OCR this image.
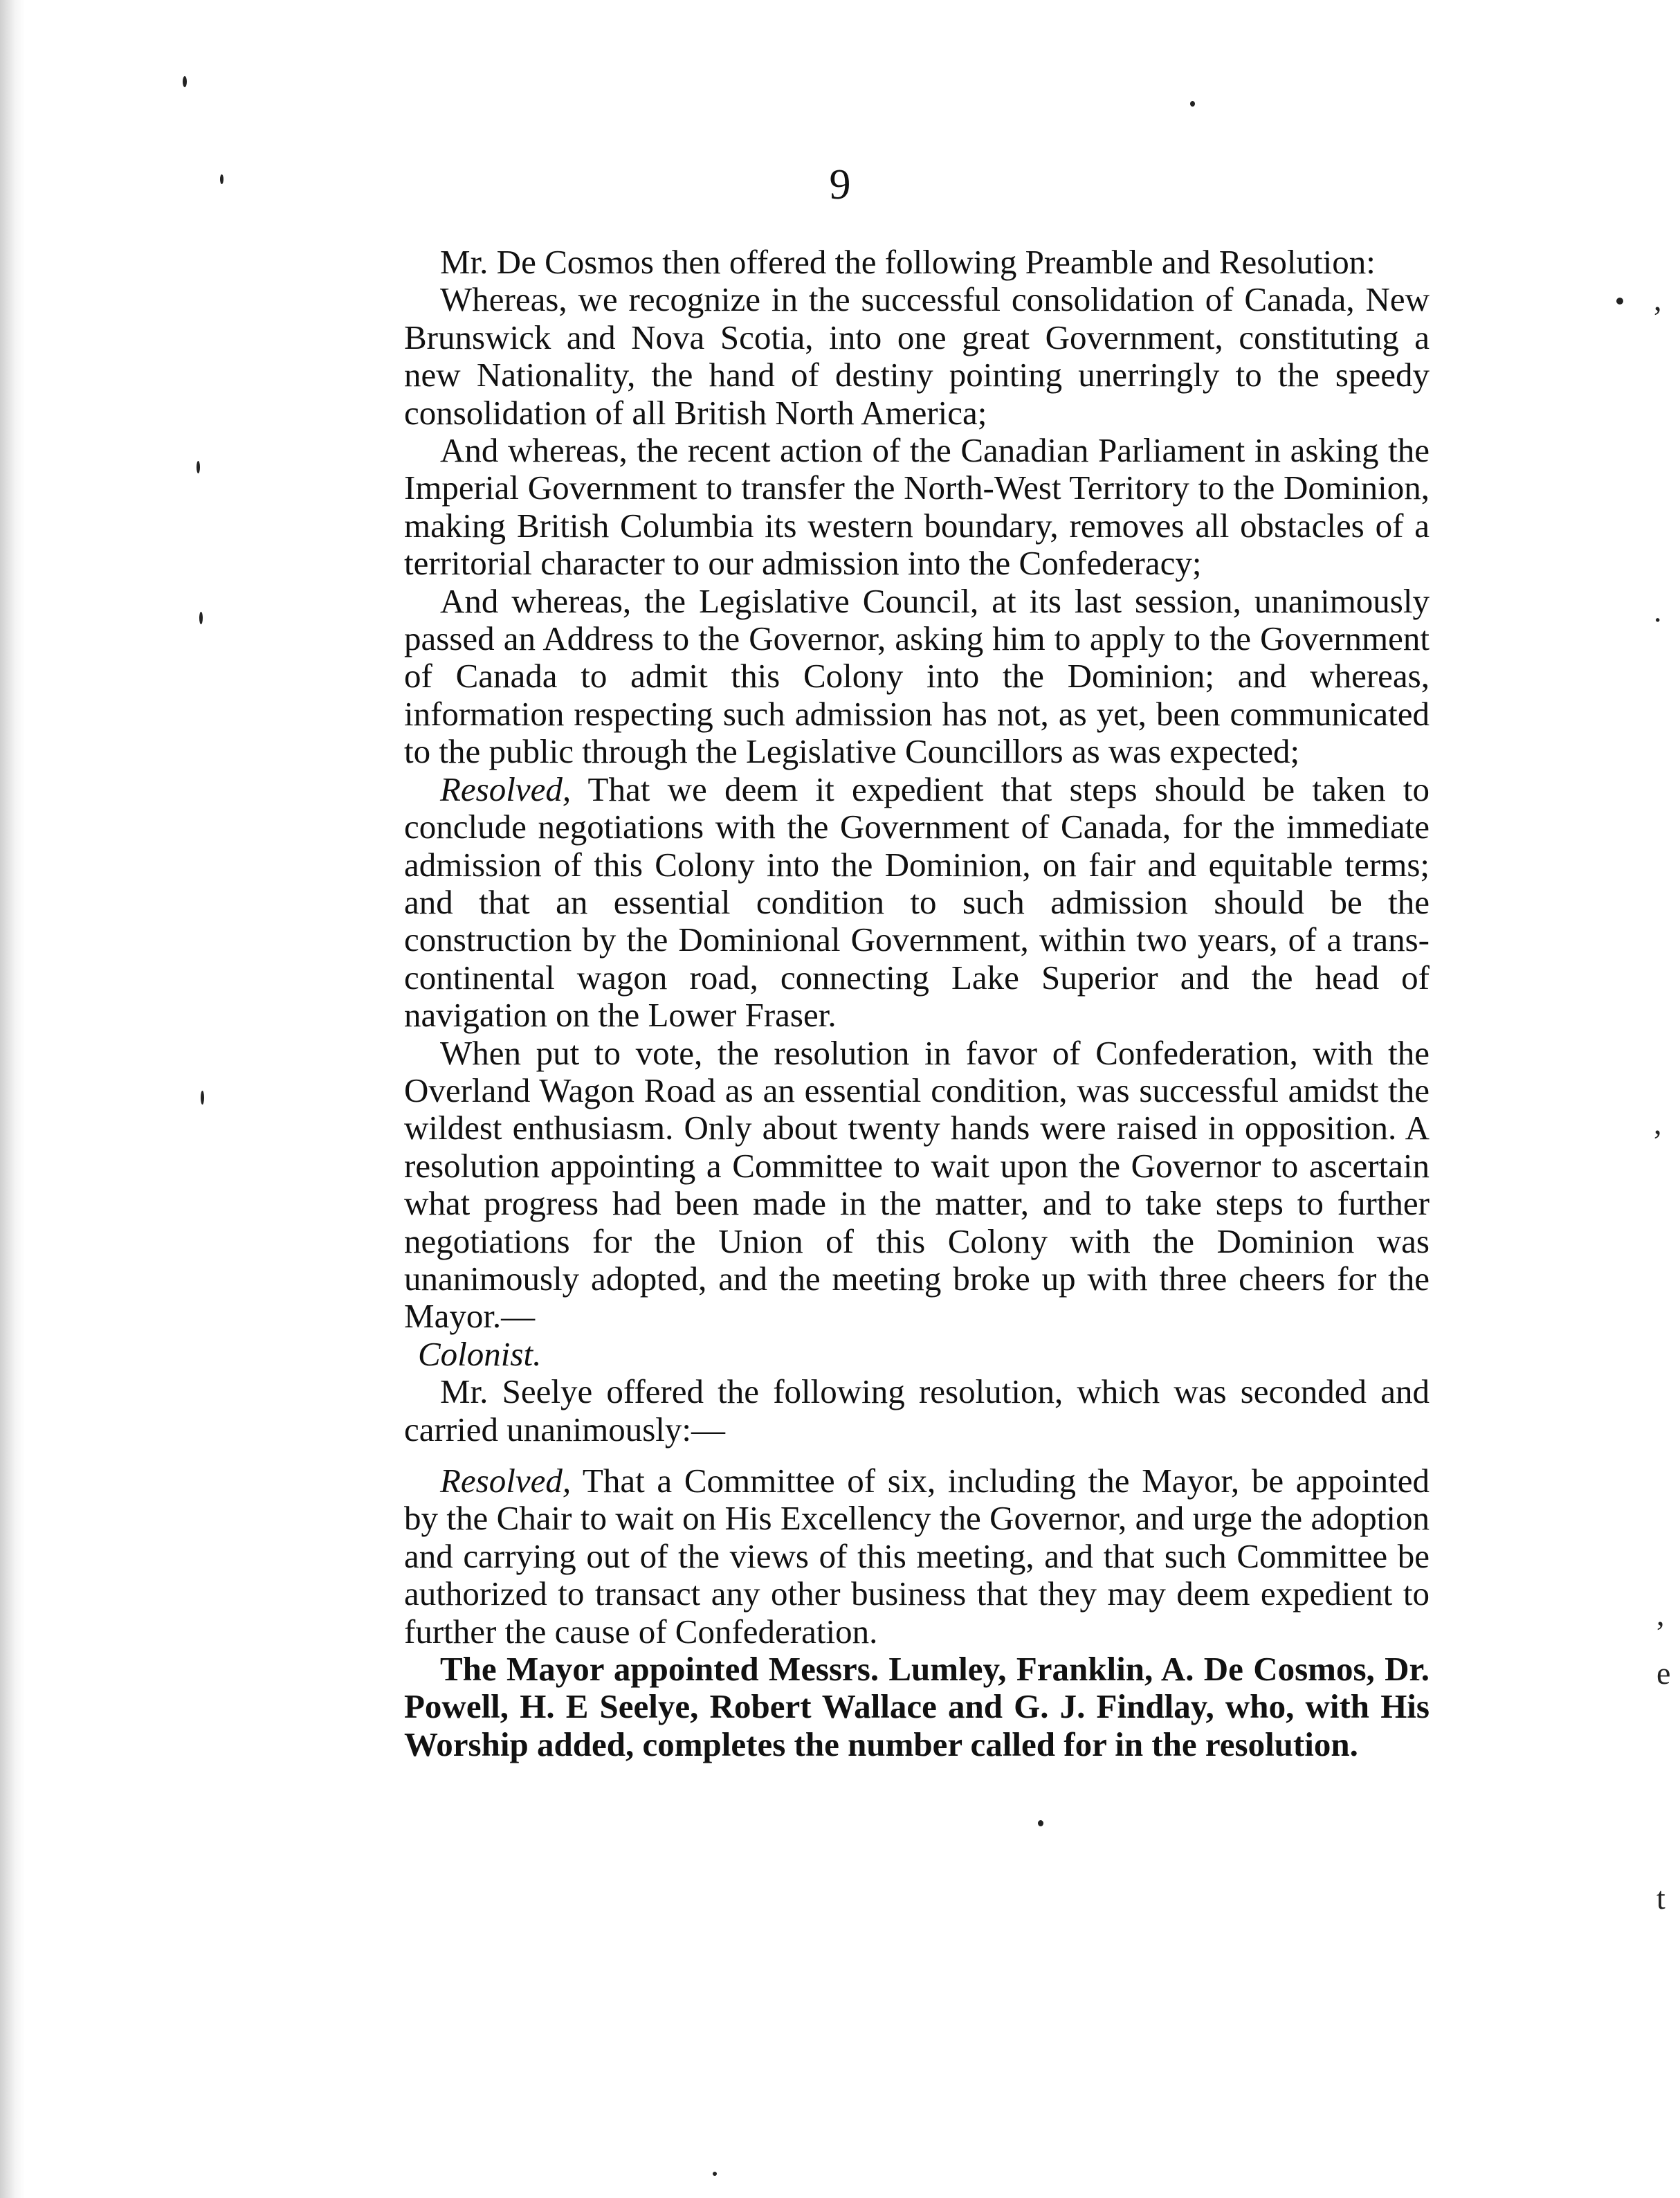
,
.
,
,
e
t
9

Mr. De Cosmos then offered the following Preamble and Resolution:

Whereas, we recognize in the successful consolidation of Canada, New Brunswick and Nova Scotia, into one great Government, constituting a new Nationality, the hand of destiny pointing unerringly to the speedy consolidation of all British North America;

And whereas, the recent action of the Canadian Parliament in asking the Imperial Government to transfer the North-West Territory to the Dominion, making British Columbia its western boundary, removes all obstacles of a territorial character to our admission into the Confederacy;

And whereas, the Legislative Council, at its last session, unanimously passed an Address to the Governor, asking him to apply to the Government of Canada to admit this Colony into the Dominion; and whereas, information respecting such admission has not, as yet, been communicated to the public through the Legislative Councillors as was expected;

Resolved, That we deem it expedient that steps should be taken to conclude negotiations with the Government of Canada, for the immediate admission of this Colony into the Dominion, on fair and equitable terms; and that an essential condition to such admission should be the construction by the Dominional Government, within two years, of a trans-continental wagon road, connecting Lake Superior and the head of navigation on the Lower Fraser.

When put to vote, the resolution in favor of Confederation, with the Overland Wagon Road as an essential condition, was successful amidst the wildest enthusiasm. Only about twenty hands were raised in opposition. A resolution appointing a Committee to wait upon the Governor to ascertain what progress had been made in the matter, and to take steps to further negotiations for the Union of this Colony with the Dominion was unanimously adopted, and the meeting broke up with three cheers for the Mayor.—

Colonist.

Mr. Seelye offered the following resolution, which was seconded and carried unanimously:—

Resolved, That a Committee of six, including the Mayor, be appointed by the Chair to wait on His Excellency the Governor, and urge the adoption and carrying out of the views of this meeting, and that such Committee be authorized to transact any other business that they may deem expedient to further the cause of Confederation.

The Mayor appointed Messrs. Lumley, Franklin, A. De Cosmos, Dr. Powell, H. E Seelye, Robert Wallace and G. J. Findlay, who, with His Worship added, completes the number called for in the resolution.
